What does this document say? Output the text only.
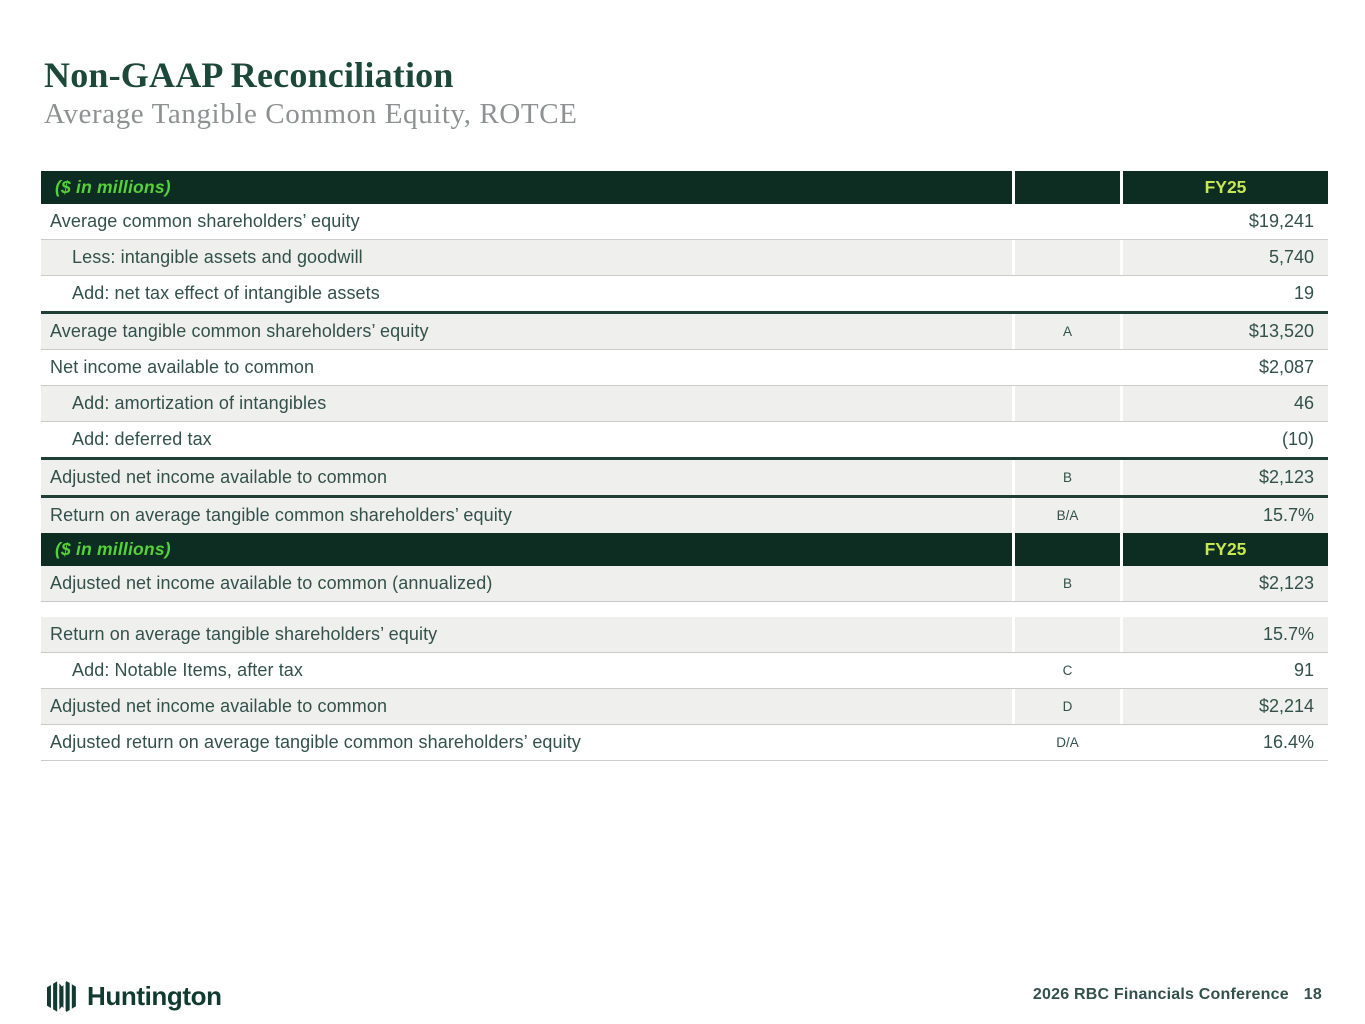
Non-GAAP Reconciliation
Average Tangible Common Equity, ROTCE
($ in millions)	FY25
Average common shareholders’ equity	$19,241
Less: intangible assets and goodwill	5,740
Add: net tax effect of intangible assets	19
Average tangible common shareholders’ equity	A	$13,520
Net income available to common	$2,087
Add: amortization of intangibles	46
Add: deferred tax	(10)
Adjusted net income available to common	B	$2,123
Return on average tangible common shareholders’ equity	B/A	15.7%
($ in millions)	FY25
Adjusted net income available to common (annualized)	B	$2,123
Return on average tangible shareholders’ equity	15.7%
Add: Notable Items, after tax	C	91
Adjusted net income available to common	D	$2,214
Adjusted return on average tangible common shareholders’ equity	D/A	16.4%
Huntington	2026 RBC Financials Conference 18
